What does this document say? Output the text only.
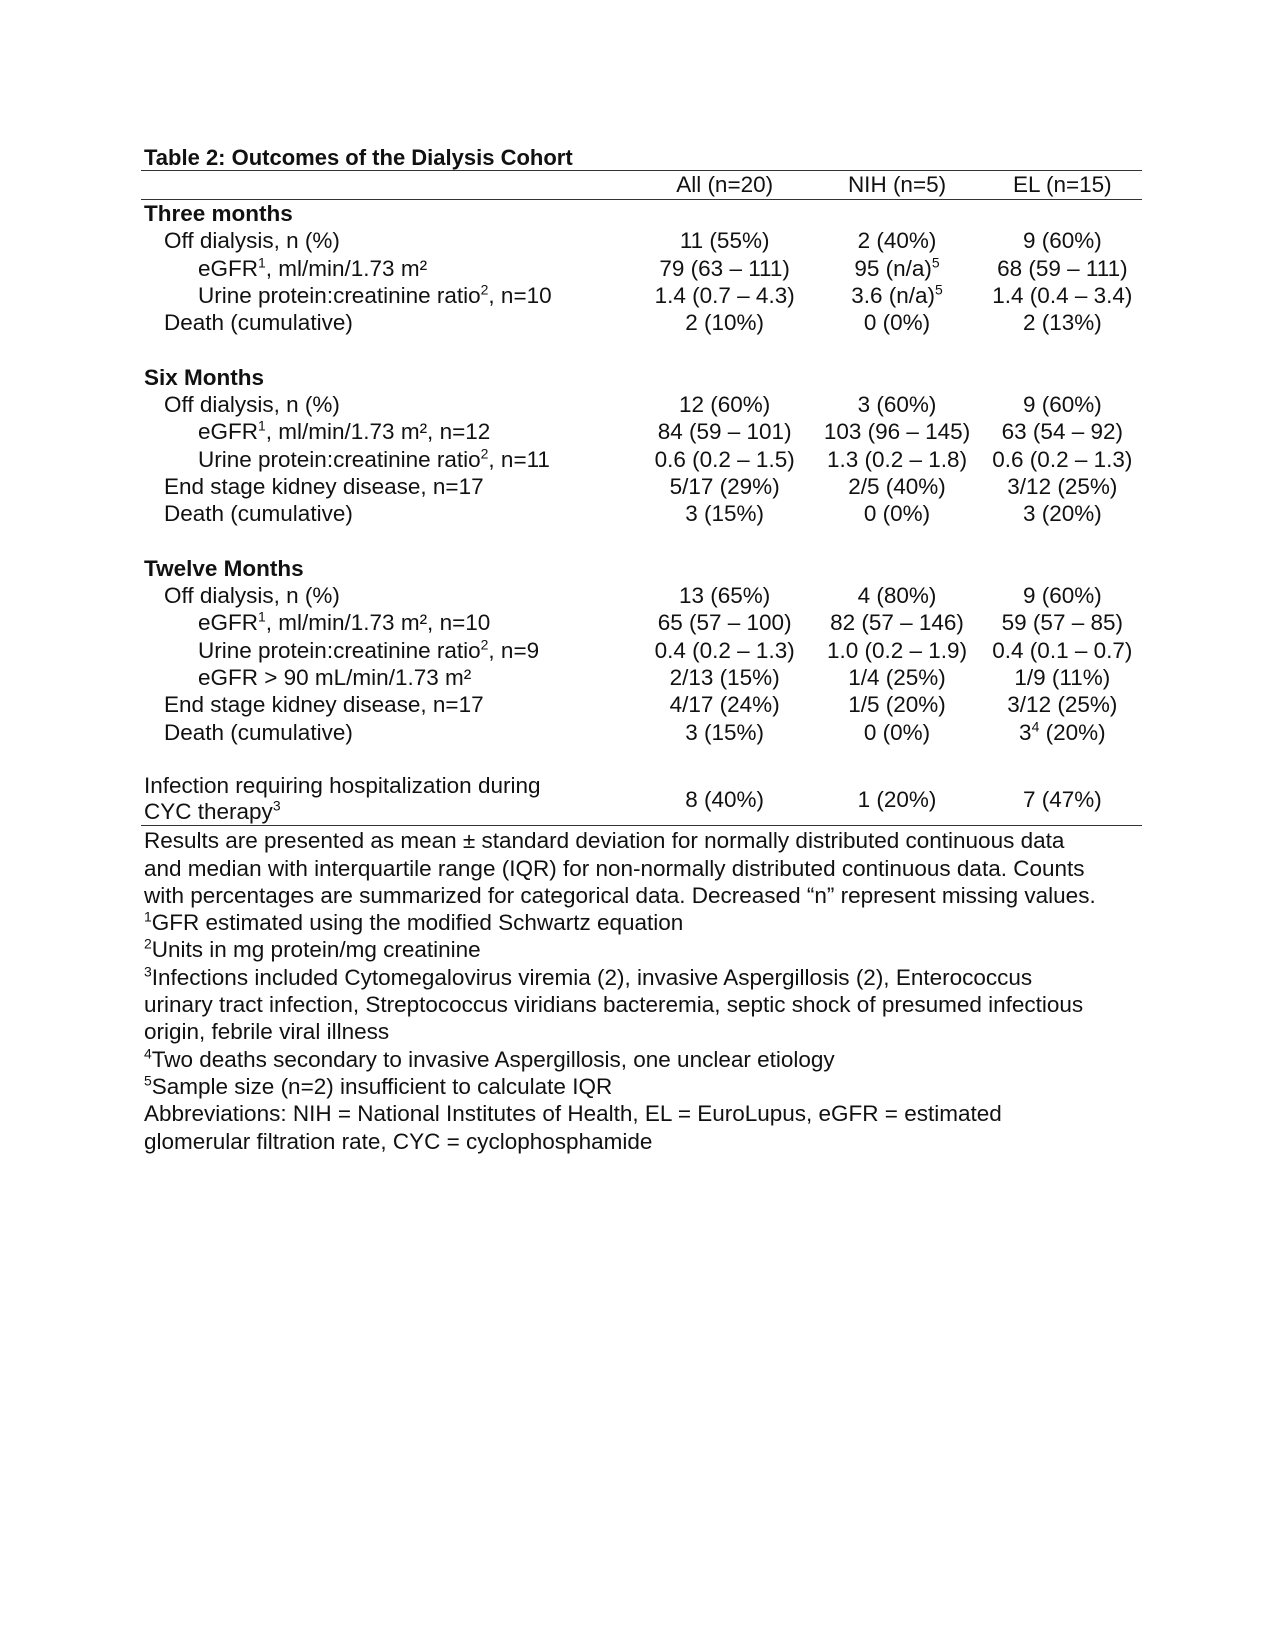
Table 2: Outcomes of the Dialysis Cohort
	All (n=20)	NIH (n=5)	EL (n=15)
Three months			
Off dialysis, n (%)	11 (55%)	2 (40%)	9 (60%)
eGFR$^1$, ml/min/1.73 m²	79 (63 – 111)	95 $(n/a)^5$	68 (59 – 111)
Urine protein:creatinine ratio$^2$, n=10	1.4 (0.7 – 4.3)	3.6 $(n/a)^5$	1.4 (0.4 – 3.4)
Death (cumulative)	2 (10%)	0 (0%)	2 (13%)

Six Months			
Off dialysis, n (%)	12 (60%)	3 (60%)	9 (60%)
eGFR$^1$, ml/min/1.73 m², n=12	84 (59 – 101)	103 (96 – 145)	63 (54 – 92)
Urine protein:creatinine ratio$^2$, n=11	0.6 (0.2 – 1.5)	1.3 (0.2 – 1.8)	0.6 (0.2 – 1.3)
End stage kidney disease, n=17	5/17 (29%)	2/5 (40%)	3/12 (25%)
Death (cumulative)	3 (15%)	0 (0%)	3 (20%)

Twelve Months			
Off dialysis, n (%)	13 (65%)	4 (80%)	9 (60%)
eGFR$^1$, ml/min/1.73 m², n=10	65 (57 – 100)	82 (57 – 146)	59 (57 – 85)
Urine protein:creatinine ratio$^2$, n=9	0.4 (0.2 – 1.3)	1.0 (0.2 – 1.9)	0.4 (0.1 – 0.7)
eGFR > 90 mL/min/1.73 m²	2/13 (15%)	1/4 (25%)	1/9 (11%)
End stage kidney disease, n=17	4/17 (24%)	1/5 (20%)	3/12 (25%)
Death (cumulative)	3 (15%)	0 (0%)	$3^4$ (20%)

Infection requiring hospitalization during
CYC therapy$^3$	8 (40%)	1 (20%)	7 (47%)

Results are presented as mean ± standard deviation for normally distributed continuous data and median with interquartile range (IQR) for non-normally distributed continuous data. Counts with percentages are summarized for categorical data. Decreased “n” represent missing values.

$^1$GFR estimated using the modified Schwartz equation

$^2$Units in mg protein/mg creatinine

$^3$Infections included Cytomegalovirus viremia (2), invasive Aspergillosis (2), Enterococcus urinary tract infection, Streptococcus viridians bacteremia, septic shock of presumed infectious origin, febrile viral illness

$^4$Two deaths secondary to invasive Aspergillosis, one unclear etiology

$^5$Sample size (n=2) insufficient to calculate IQR

Abbreviations: NIH = National Institutes of Health, EL = EuroLupus, eGFR = estimated glomerular filtration rate, CYC = cyclophosphamide
